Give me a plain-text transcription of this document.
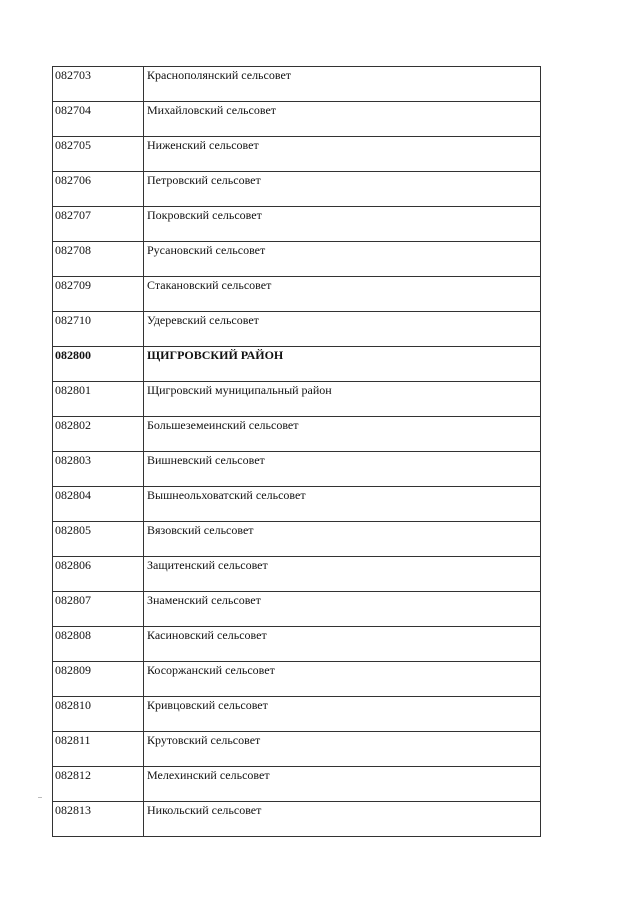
082703	Краснополянский сельсовет
082704	Михайловский сельсовет
082705	Ниженский сельсовет
082706	Петровский сельсовет
082707	Покровский сельсовет
082708	Русановский сельсовет
082709	Стакановский сельсовет
082710	Удеревский сельсовет
082800	ЩИГРОВСКИЙ РАЙОН
082801	Щигровский муниципальный район
082802	Большеземеинский сельсовет
082803	Вишневский сельсовет
082804	Вышнеольховатский сельсовет
082805	Вязовский сельсовет
082806	Защитенский сельсовет
082807	Знаменский сельсовет
082808	Касиновский сельсовет
082809	Косоржанский сельсовет
082810	Кривцовский сельсовет
082811	Крутовский сельсовет
082812	Мелехинский сельсовет
082813	Никольский сельсовет
